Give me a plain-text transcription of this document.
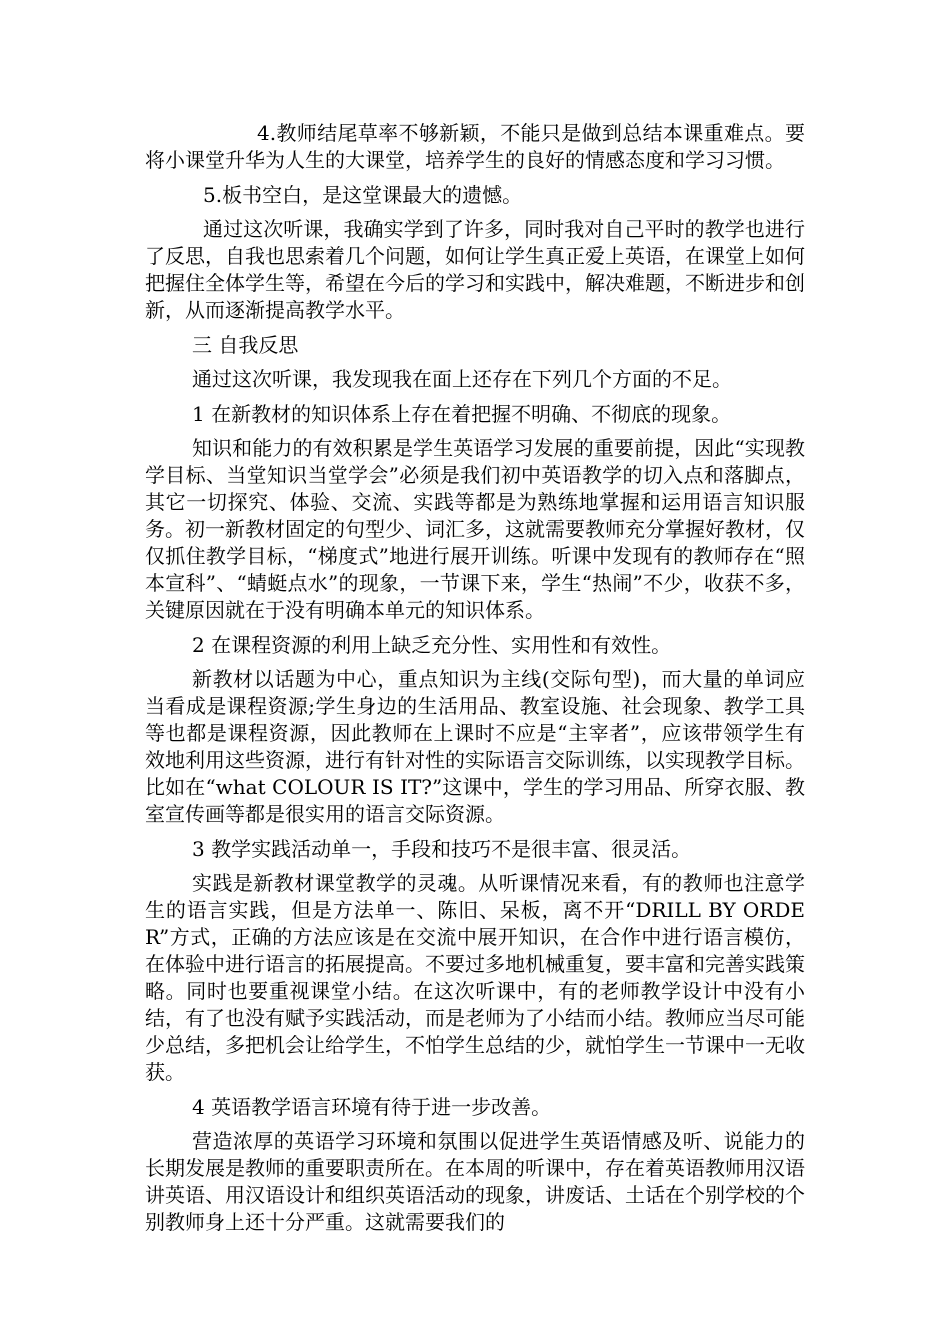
4.教师结尾草率不够新颖，不能只是做到总结本课重难点。要将小课堂升华为人生的大课堂，培养学生的良好的情感态度和学习习惯。

5.板书空白，是这堂课最大的遗憾。

通过这次听课，我确实学到了许多，同时我对自己平时的教学也进行了反思，自我也思索着几个问题，如何让学生真正爱上英语，在课堂上如何把握住全体学生等，希望在今后的学习和实践中，解决难题，不断进步和创新，从而逐渐提高教学水平。

三 自我反思

通过这次听课，我发现我在面上还存在下列几个方面的不足。

1 在新教材的知识体系上存在着把握不明确、不彻底的现象。

知识和能力的有效积累是学生英语学习发展的重要前提，因此“实现教学目标、当堂知识当堂学会”必须是我们初中英语教学的切入点和落脚点，其它一切探究、体验、交流、实践等都是为熟练地掌握和运用语言知识服务。初一新教材固定的句型少、词汇多，这就需要教师充分掌握好教材，仅仅抓住教学目标，“梯度式”地进行展开训练。听课中发现有的教师存在“照本宣科”、“蜻蜓点水”的现象，一节课下来，学生“热闹”不少，收获不多，关键原因就在于没有明确本单元的知识体系。

2 在课程资源的利用上缺乏充分性、实用性和有效性。

新教材以话题为中心，重点知识为主线(交际句型)，而大量的单词应当看成是课程资源;学生身边的生活用品、教室设施、社会现象、教学工具等也都是课程资源，因此教师在上课时不应是“主宰者”，应该带领学生有效地利用这些资源，进行有针对性的实际语言交际训练，以实现教学目标。比如在“what COLOUR IS IT?”这课中，学生的学习用品、所穿衣服、教室宣传画等都是很实用的语言交际资源。

3 教学实践活动单一，手段和技巧不是很丰富、很灵活。

实践是新教材课堂教学的灵魂。从听课情况来看，有的教师也注意学生的语言实践，但是方法单一、陈旧、呆板，离不开“DRILL BY ORDER”方式，正确的方法应该是在交流中展开知识，在合作中进行语言模仿，在体验中进行语言的拓展提高。不要过多地机械重复，要丰富和完善实践策略。同时也要重视课堂小结。在这次听课中，有的老师教学设计中没有小结，有了也没有赋予实践活动，而是老师为了小结而小结。教师应当尽可能少总结，多把机会让给学生，不怕学生总结的少，就怕学生一节课中一无收获。

4 英语教学语言环境有待于进一步改善。

营造浓厚的英语学习环境和氛围以促进学生英语情感及听、说能力的长期发展是教师的重要职责所在。在本周的听课中，存在着英语教师用汉语讲英语、用汉语设计和组织英语活动的现象，讲废话、土话在个别学校的个别教师身上还十分严重。这就需要我们的
